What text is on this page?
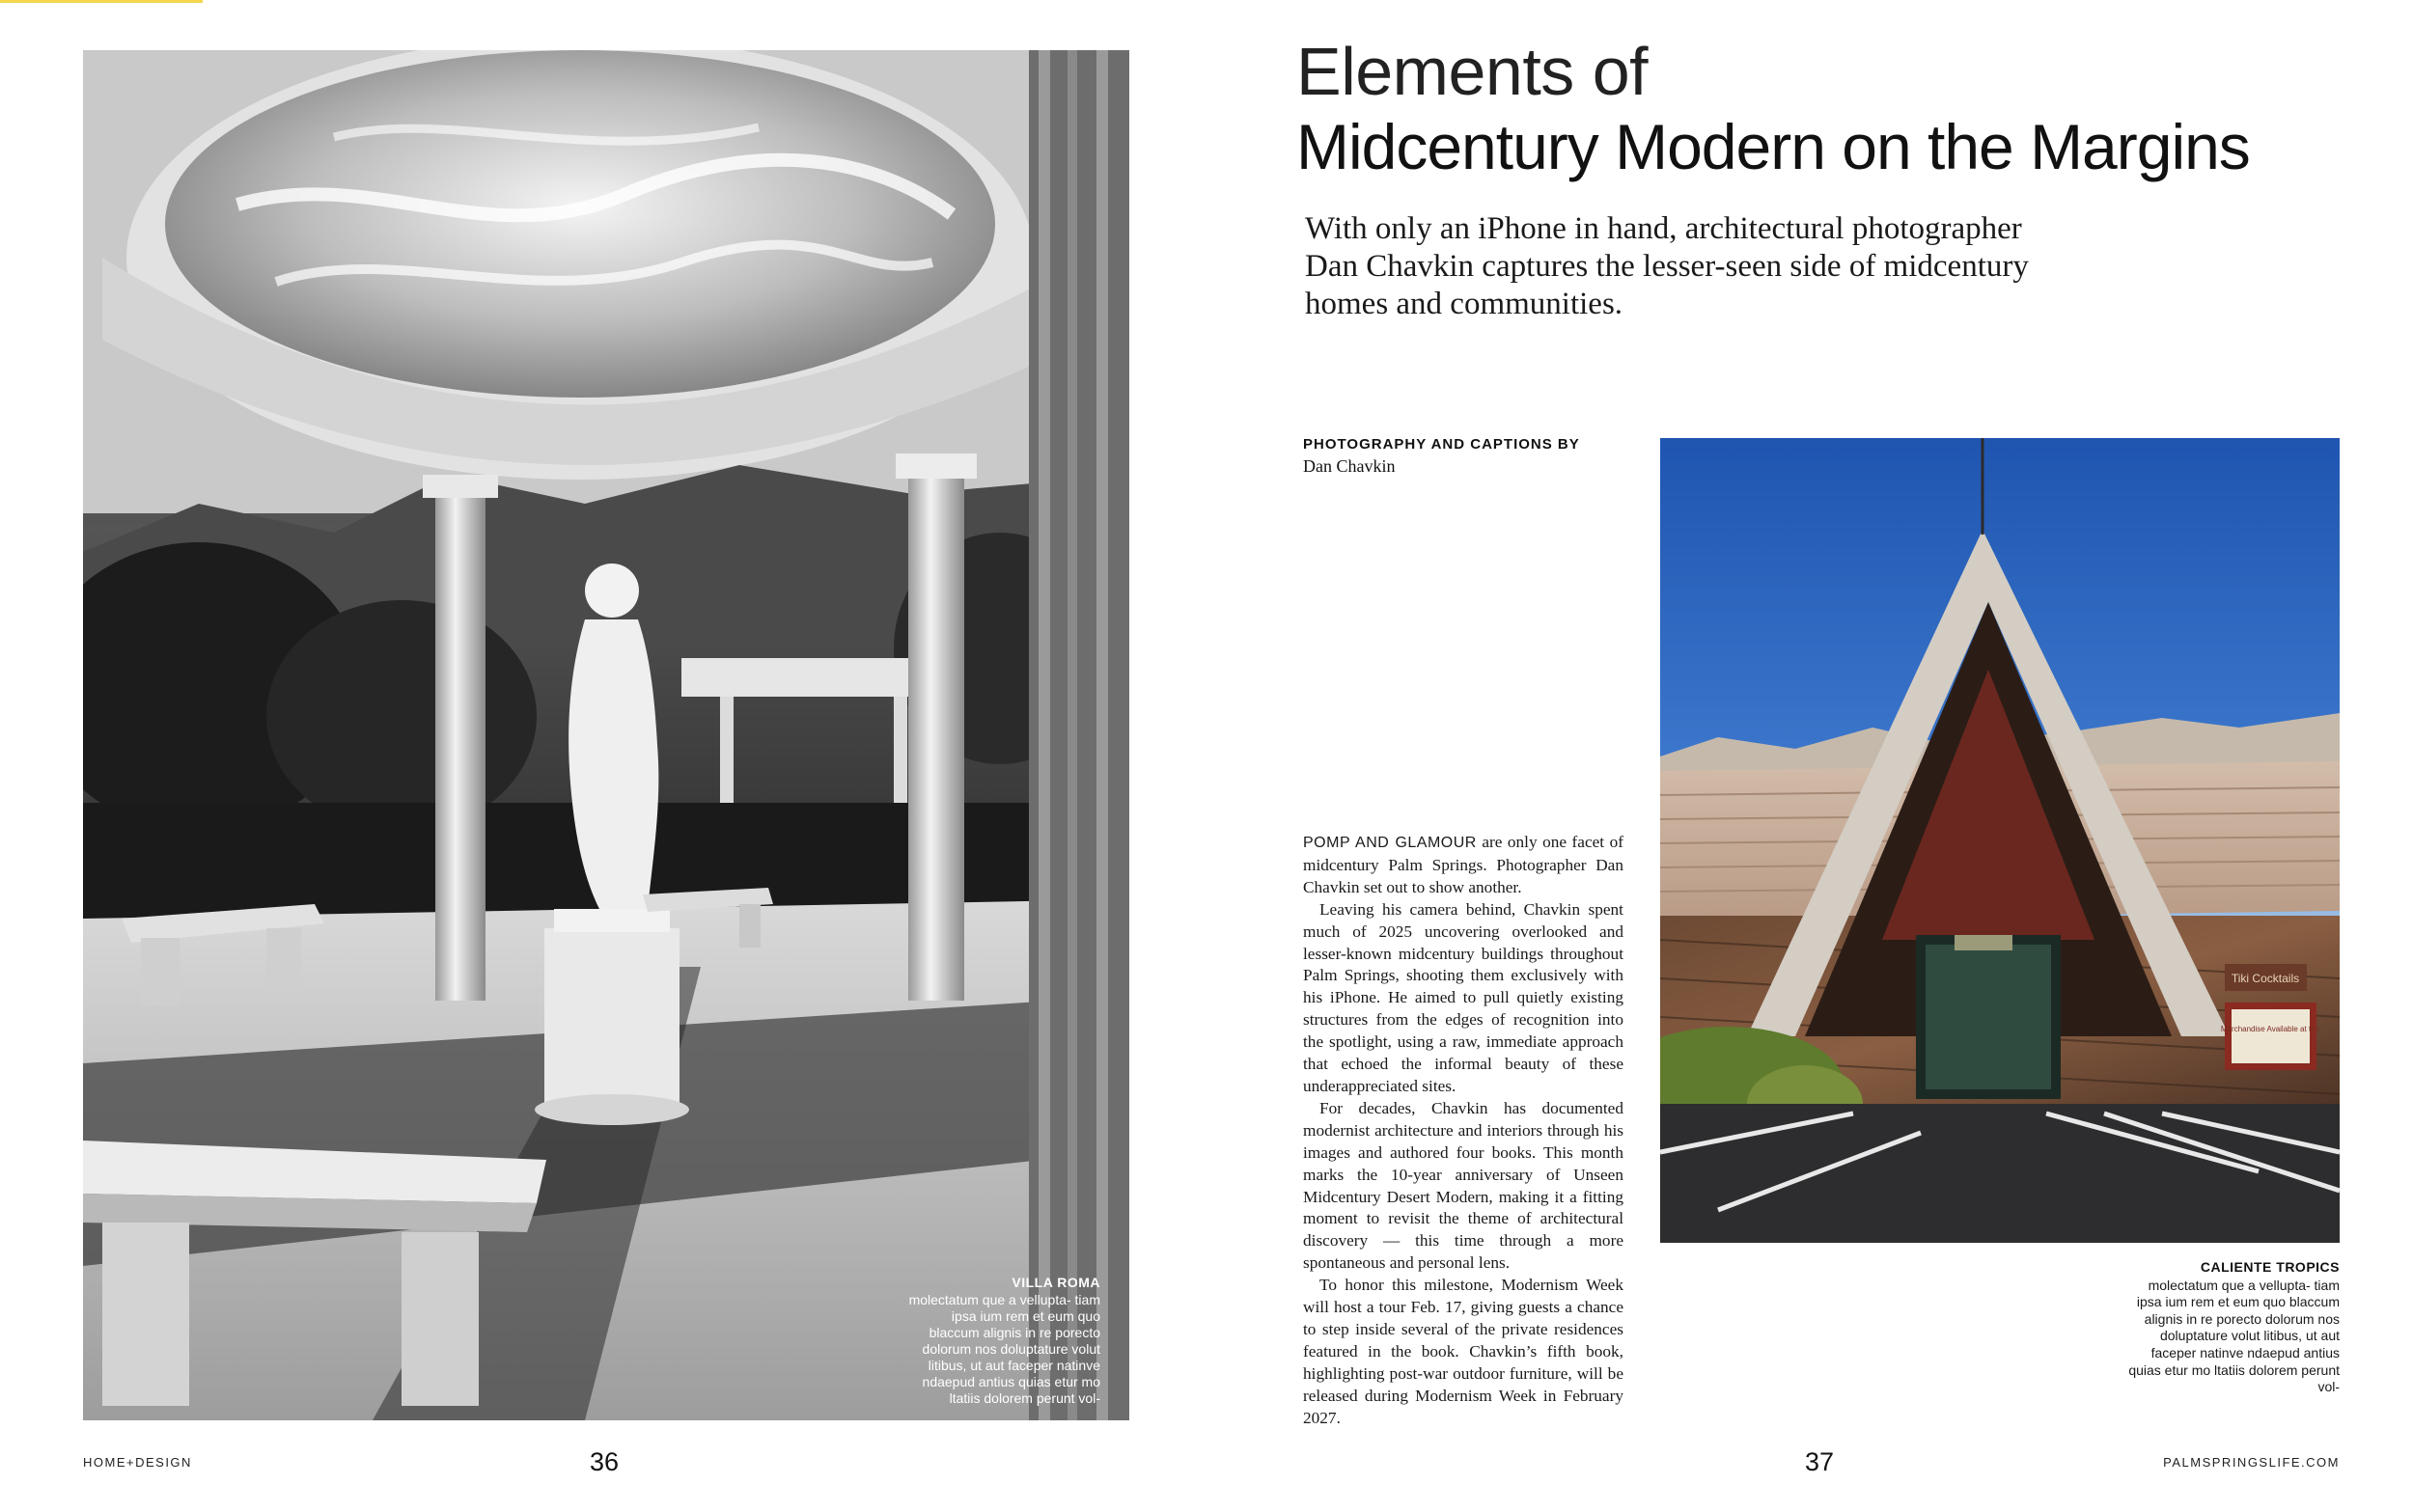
VILLA ROMA
molectatum que a vellupta- tiam ipsa ium rem et eum quo blaccum alignis in re porecto dolorum nos doluptature volut litibus, ut aut faceper natinve ndaepud antius quias etur mo ltatiis dolorem perunt vol-
Elements of
Midcentury Modern on the Margins
With only an iPhone in hand, architectural photographer Dan Chavkin captures the lesser-seen side of midcentury homes and communities.
PHOTOGRAPHY AND CAPTIONS BY
Dan Chavkin

POMP AND GLAMOUR are only one facet of midcentury Palm Springs. Photographer Dan Chavkin set out to show another.

Leaving his camera behind, Chavkin spent much of 2025 uncovering overlooked and lesser-known midcentury buildings throughout Palm Springs, shooting them exclusively with his iPhone. He aimed to pull quietly existing structures from the edges of recognition into the spotlight, using a raw, immediate approach that echoed the informal beauty of these underappreciated sites.

For decades, Chavkin has documented modernist architecture and interiors through his images and authored four books. This month marks the 10-year anniversary of Unseen Midcentury Desert Modern, making it a fitting moment to revisit the theme of architectural discovery — this time through a more spontaneous and personal lens.

To honor this milestone, Modernism Week will host a tour Feb. 17, giving guests a chance to step inside several of the private residences featured in the book. Chavkin’s fifth book, highlighting post-war outdoor furniture, will be released during Modernism Week in February 2027.

Tiki Cocktails
Merchandise Available at the
CALIENTE TROPICS
molectatum que a vellupta- tiam ipsa ium rem et eum quo blaccum alignis in re porecto dolorum nos doluptature volut litibus, ut aut faceper natinve ndaepud antius quias etur mo ltatiis dolorem perunt vol-
HOME+DESIGN	36	37	PALMSPRINGSLIFE.COM
